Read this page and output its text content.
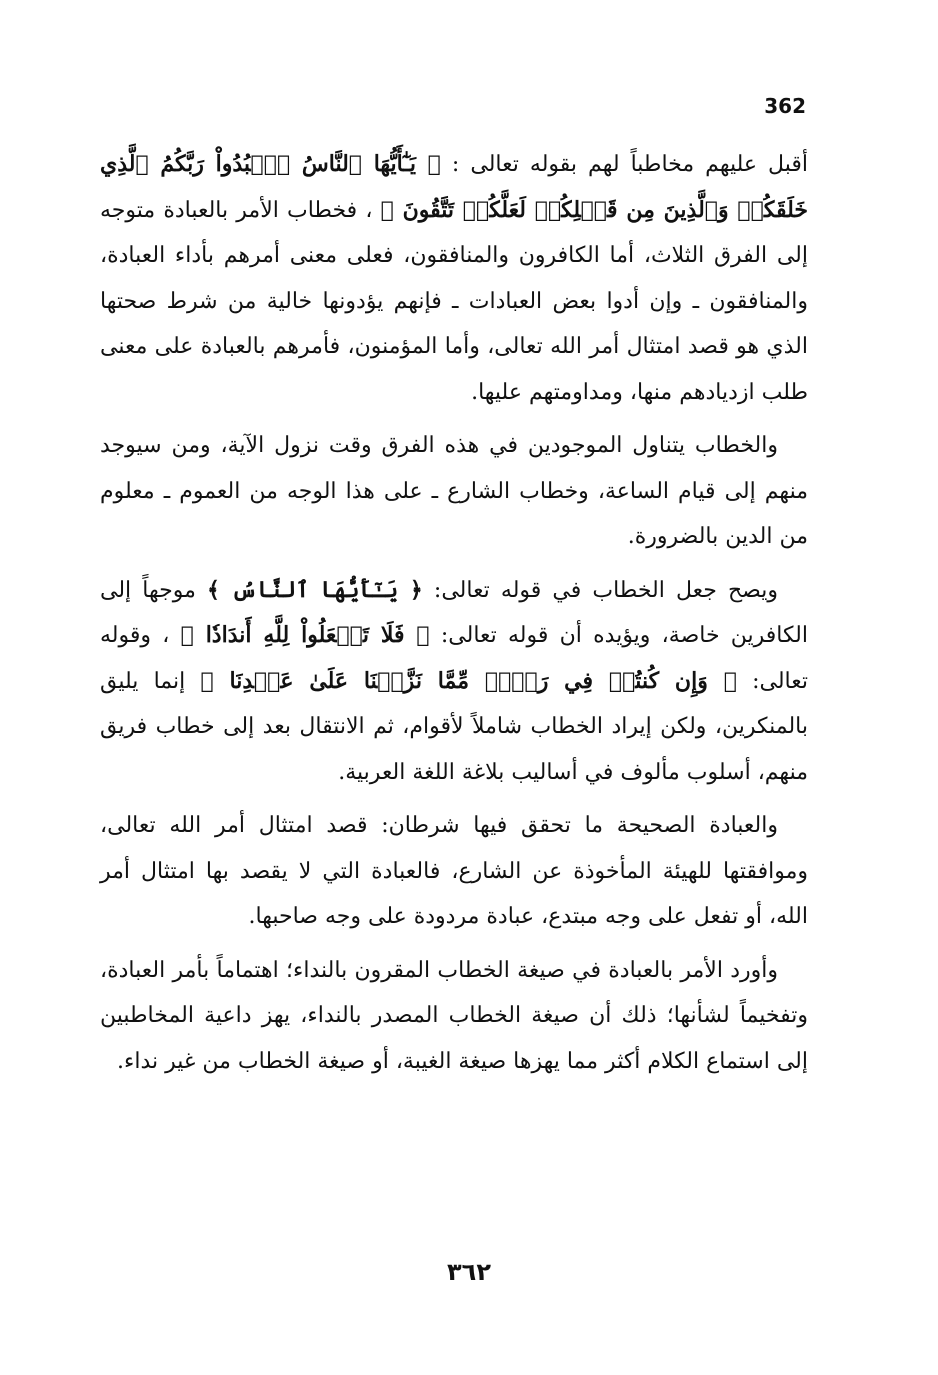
362

أقبل عليهم مخاطباً لهم بقوله تعالى : ﴿ يَـٰٓأَيُّهَا ٱلنَّاسُ ٱعۡبُدُواْ رَبَّكُمُ ٱلَّذِي خَلَقَكُمۡ وَٱلَّذِينَ مِن قَبۡلِكُمۡ لَعَلَّكُمۡ تَتَّقُونَ ﴾ ، فخطاب الأمر بالعبادة متوجه إلى الفرق الثلاث، أما الكافرون والمنافقون، فعلى معنى أمرهم بأداء العبادة، والمنافقون ـ وإن أدوا بعض العبادات ـ فإنهم يؤدونها خالية من شرط صحتها الذي هو قصد امتثال أمر الله تعالى، وأما المؤمنون، فأمرهم بالعبادة على معنى طلب ازديادهم منها، ومداومتهم عليها.

والخطاب يتناول الموجودين في هذه الفرق وقت نزول الآية، ومن سيوجد منهم إلى قيام الساعة، وخطاب الشارع ـ على هذا الوجه من العموم ـ معلوم من الدين بالضرورة.

ويصح جعل الخطاب في قوله تعالى: ﴿ يَـٰٓأَيُّهَا ٱلنَّاسُ ﴾ موجهاً إلى الكافرين خاصة، ويؤيده أن قوله تعالى: ﴿ فَلَا تَجۡعَلُواْ لِلَّهِ أَندَادٗا ﴾ ، وقوله تعالى: ﴿ وَإِن كُنتُمۡ فِي رَيۡبٖ مِّمَّا نَزَّلۡنَا عَلَىٰ عَبۡدِنَا ﴾ إنما يليق بالمنكرين، ولكن إيراد الخطاب شاملاً لأقوام، ثم الانتقال بعد إلى خطاب فريق منهم، أسلوب مألوف في أساليب بلاغة اللغة العربية.

والعبادة الصحيحة ما تحقق فيها شرطان: قصد امتثال أمر الله تعالى، وموافقتها للهيئة المأخوذة عن الشارع، فالعبادة التي لا يقصد بها امتثال أمر الله، أو تفعل على وجه مبتدع، عبادة مردودة على وجه صاحبها.

وأورد الأمر بالعبادة في صيغة الخطاب المقرون بالنداء؛ اهتماماً بأمر العبادة، وتفخيماً لشأنها؛ ذلك أن صيغة الخطاب المصدر بالنداء، يهز داعية المخاطبين إلى استماع الكلام أكثر مما يهزها صيغة الغيبة، أو صيغة الخطاب من غير نداء.

٣٦٢
